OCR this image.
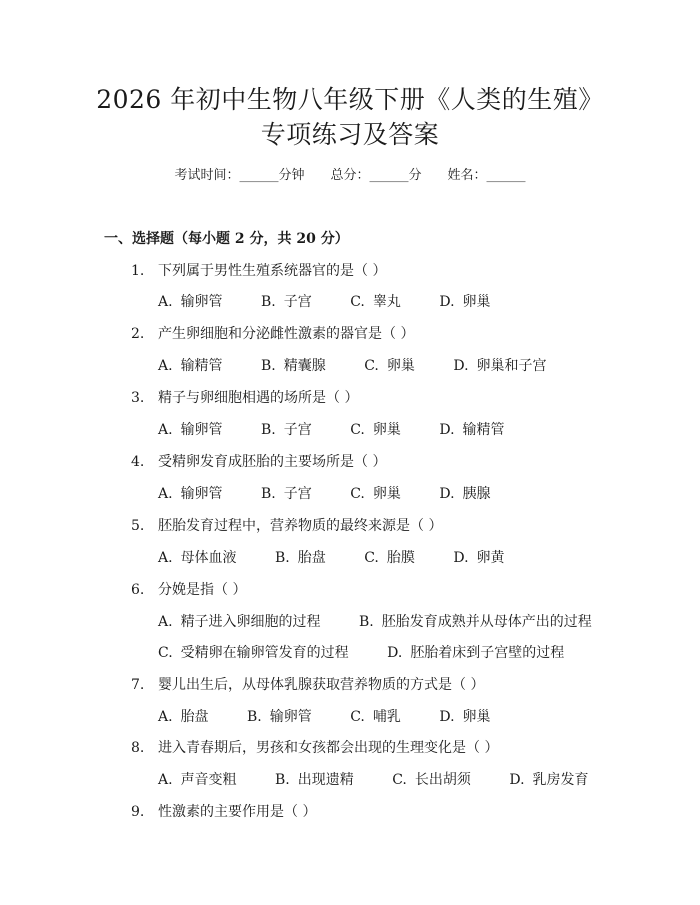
2026 年初中生物八年级下册《人类的生殖》
专项练习及答案
考试时间：______分钟 总分：______分 姓名：______
一、选择题（每小题 2 分，共 20 分）
1. 下列属于男性生殖系统器官的是（ ）
A. 输卵管	B. 子宫	C. 睾丸	D. 卵巢
2. 产生卵细胞和分泌雌性激素的器官是（ ）
A. 输精管	B. 精囊腺	C. 卵巢	D. 卵巢和子宫
3. 精子与卵细胞相遇的场所是（ ）
A. 输卵管	B. 子宫	C. 卵巢	D. 输精管
4. 受精卵发育成胚胎的主要场所是（ ）
A. 输卵管	B. 子宫	C. 卵巢	D. 胰腺
5. 胚胎发育过程中，营养物质的最终来源是（ ）
A. 母体血液	B. 胎盘	C. 胎膜	D. 卵黄
6. 分娩是指（ ）
A. 精子进入卵细胞的过程	B. 胚胎发育成熟并从母体产出的过程
C. 受精卵在输卵管发育的过程	D. 胚胎着床到子宫壁的过程
7. 婴儿出生后，从母体乳腺获取营养物质的方式是（ ）
A. 胎盘	B. 输卵管	C. 哺乳	D. 卵巢
8. 进入青春期后，男孩和女孩都会出现的生理变化是（ ）
A. 声音变粗	B. 出现遗精	C. 长出胡须	D. 乳房发育
9. 性激素的主要作用是（ ）
